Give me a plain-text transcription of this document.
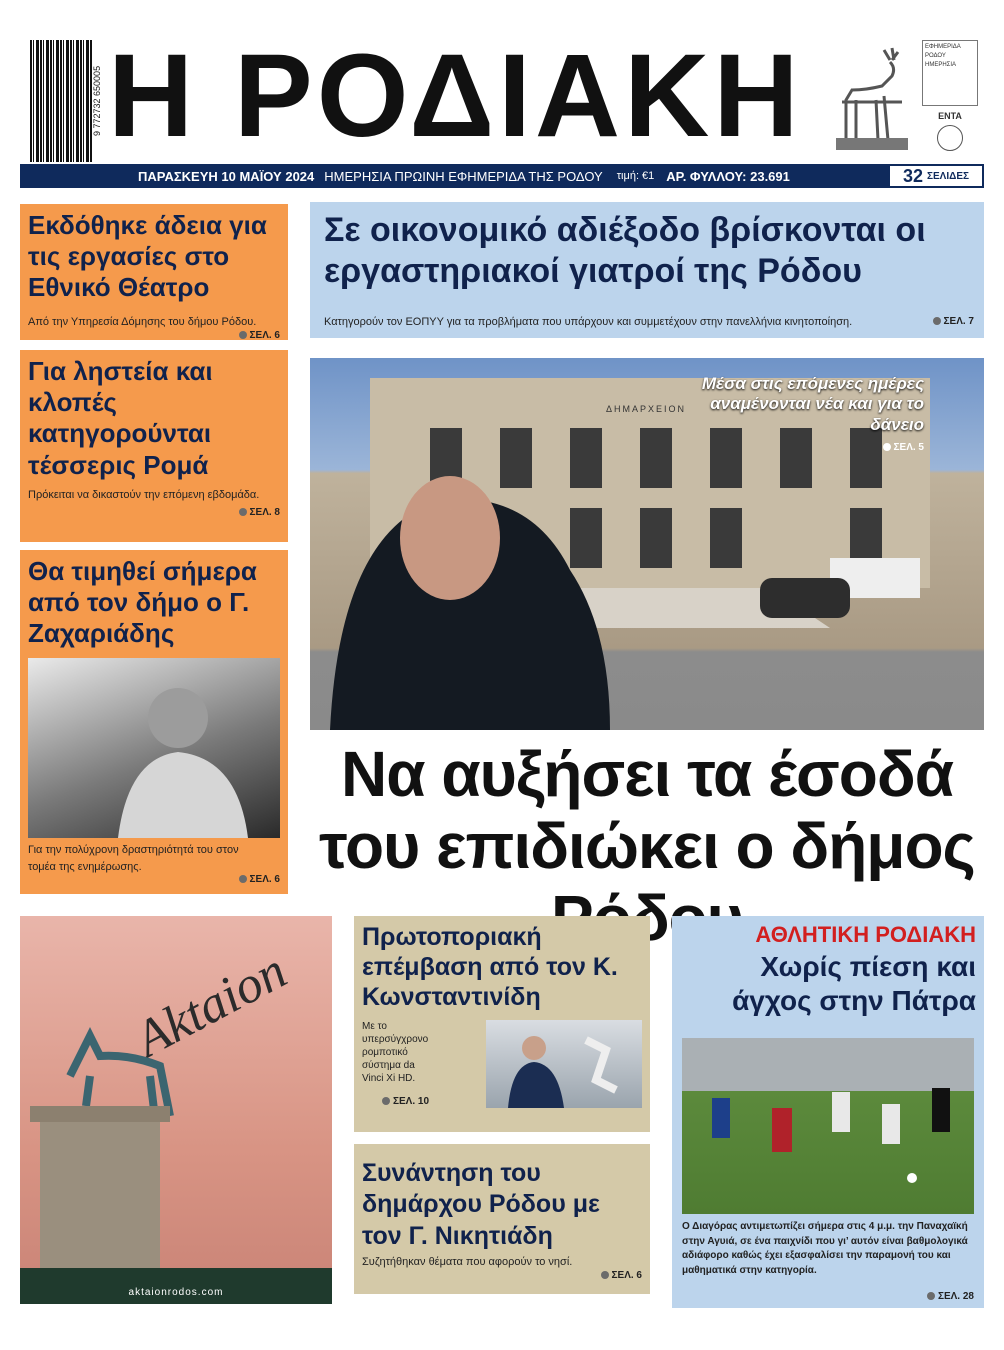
9 772732 650005 Η ΡΟΔΙΑΚΗ	ΕΦΗΜΕΡΙΔΑ
ΡΟΔΟΥ
ΗΜΕΡΗΣΙΑ
ΕΝΤΑ
ΠΑΡΑΣΚΕΥΗ 10 ΜΑΪΟΥ 2024 ΗΜΕΡΗΣΙΑ ΠΡΩΙΝΗ ΕΦΗΜΕΡΙΔΑ ΤΗΣ ΡΟΔΟΥ τιμή: €1 ΑΡ. ΦΥΛΛΟΥ: 23.691	32 ΣΕΛΙΔΕΣ
Εκδόθηκε άδεια για τις εργασίες στο Εθνικό Θέατρο
Από την Υπηρεσία Δόμησης του δήμου Ρόδου.
ΣΕΛ. 6
Για ληστεία και κλοπές κατηγορούνται τέσσερις Ρομά
Πρόκειται να δικαστούν την επόμενη εβδομάδα.
ΣΕΛ. 8
Θα τιμηθεί σήμερα από τον δήμο ο Γ. Ζαχαριάδης
Για την πολύχρονη δραστηριότητά του στον τομέα της ενημέρωσης.
ΣΕΛ. 6
Σε οικονομικό αδιέξοδο βρίσκονται οι εργαστηριακοί γιατροί της Ρόδου
Κατηγορούν τον ΕΟΠΥΥ για τα προβλήματα που υπάρχουν και συμμετέχουν στην πανελλήνια κινητοποίηση.	ΣΕΛ. 7
ΔΗΜΑΡΧΕΙΟΝ
Μέσα στις επόμενες ημέρες αναμένονται νέα και για το δάνειο
ΣΕΛ. 5
Να αυξήσει τα έσοδά του επιδιώκει ο δήμος
Aktaion
aktaionrodos.com
Πρωτοποριακή επέμβαση από τον Κ. Κωνσταντινίδη
Με το υπερσύγχρονο ρομποτικό σύστημα da Vinci Xi HD.
ΣΕΛ. 10
Συνάντηση του δημάρχου Ρόδου με τον Γ. Νικητιάδη
Συζητήθηκαν θέματα που αφορούν το νησί.
ΣΕΛ. 6
ΑΘΛΗΤΙΚΗ ΡΟΔΙΑΚΗ
Χωρίς πίεση και άγχος στην Πάτρα
Ο Διαγόρας αντιμετωπίζει σήμερα στις 4 μ.μ. την Παναχαϊκή στην Αγυιά, σε ένα παιχνίδι που γι’ αυτόν είναι βαθμολογικά αδιάφορο καθώς έχει εξασφαλίσει την παραμονή του και μαθηματικά στην κατηγορία.
ΣΕΛ. 28
